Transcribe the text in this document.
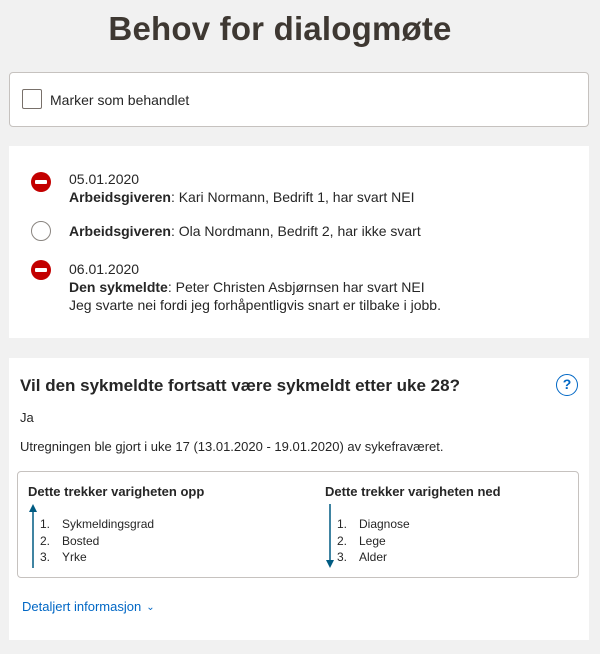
Behov for dialogmøte
Marker som behandlet
05.01.2020
Arbeidsgiveren: Kari Normann, Bedrift 1, har svart NEI
Arbeidsgiveren: Ola Nordmann, Bedrift 2, har ikke svart
06.01.2020
Den sykmeldte: Peter Christen Asbjørnsen har svart NEI
Jeg svarte nei fordi jeg forhåpentligvis snart er tilbake i jobb.
Vil den sykmeldte fortsatt være sykmeldt etter uke 28?	?
Ja
Utregningen ble gjort i uke 17 (13.01.2020 - 19.01.2020) av sykefraværet.
Dette trekker varigheten opp
1. Sykmeldingsgrad
2. Bosted
3. Yrke
Dette trekker varigheten ned
1. Diagnose
2. Lege
3. Alder
Detaljert informasjon ⌄
